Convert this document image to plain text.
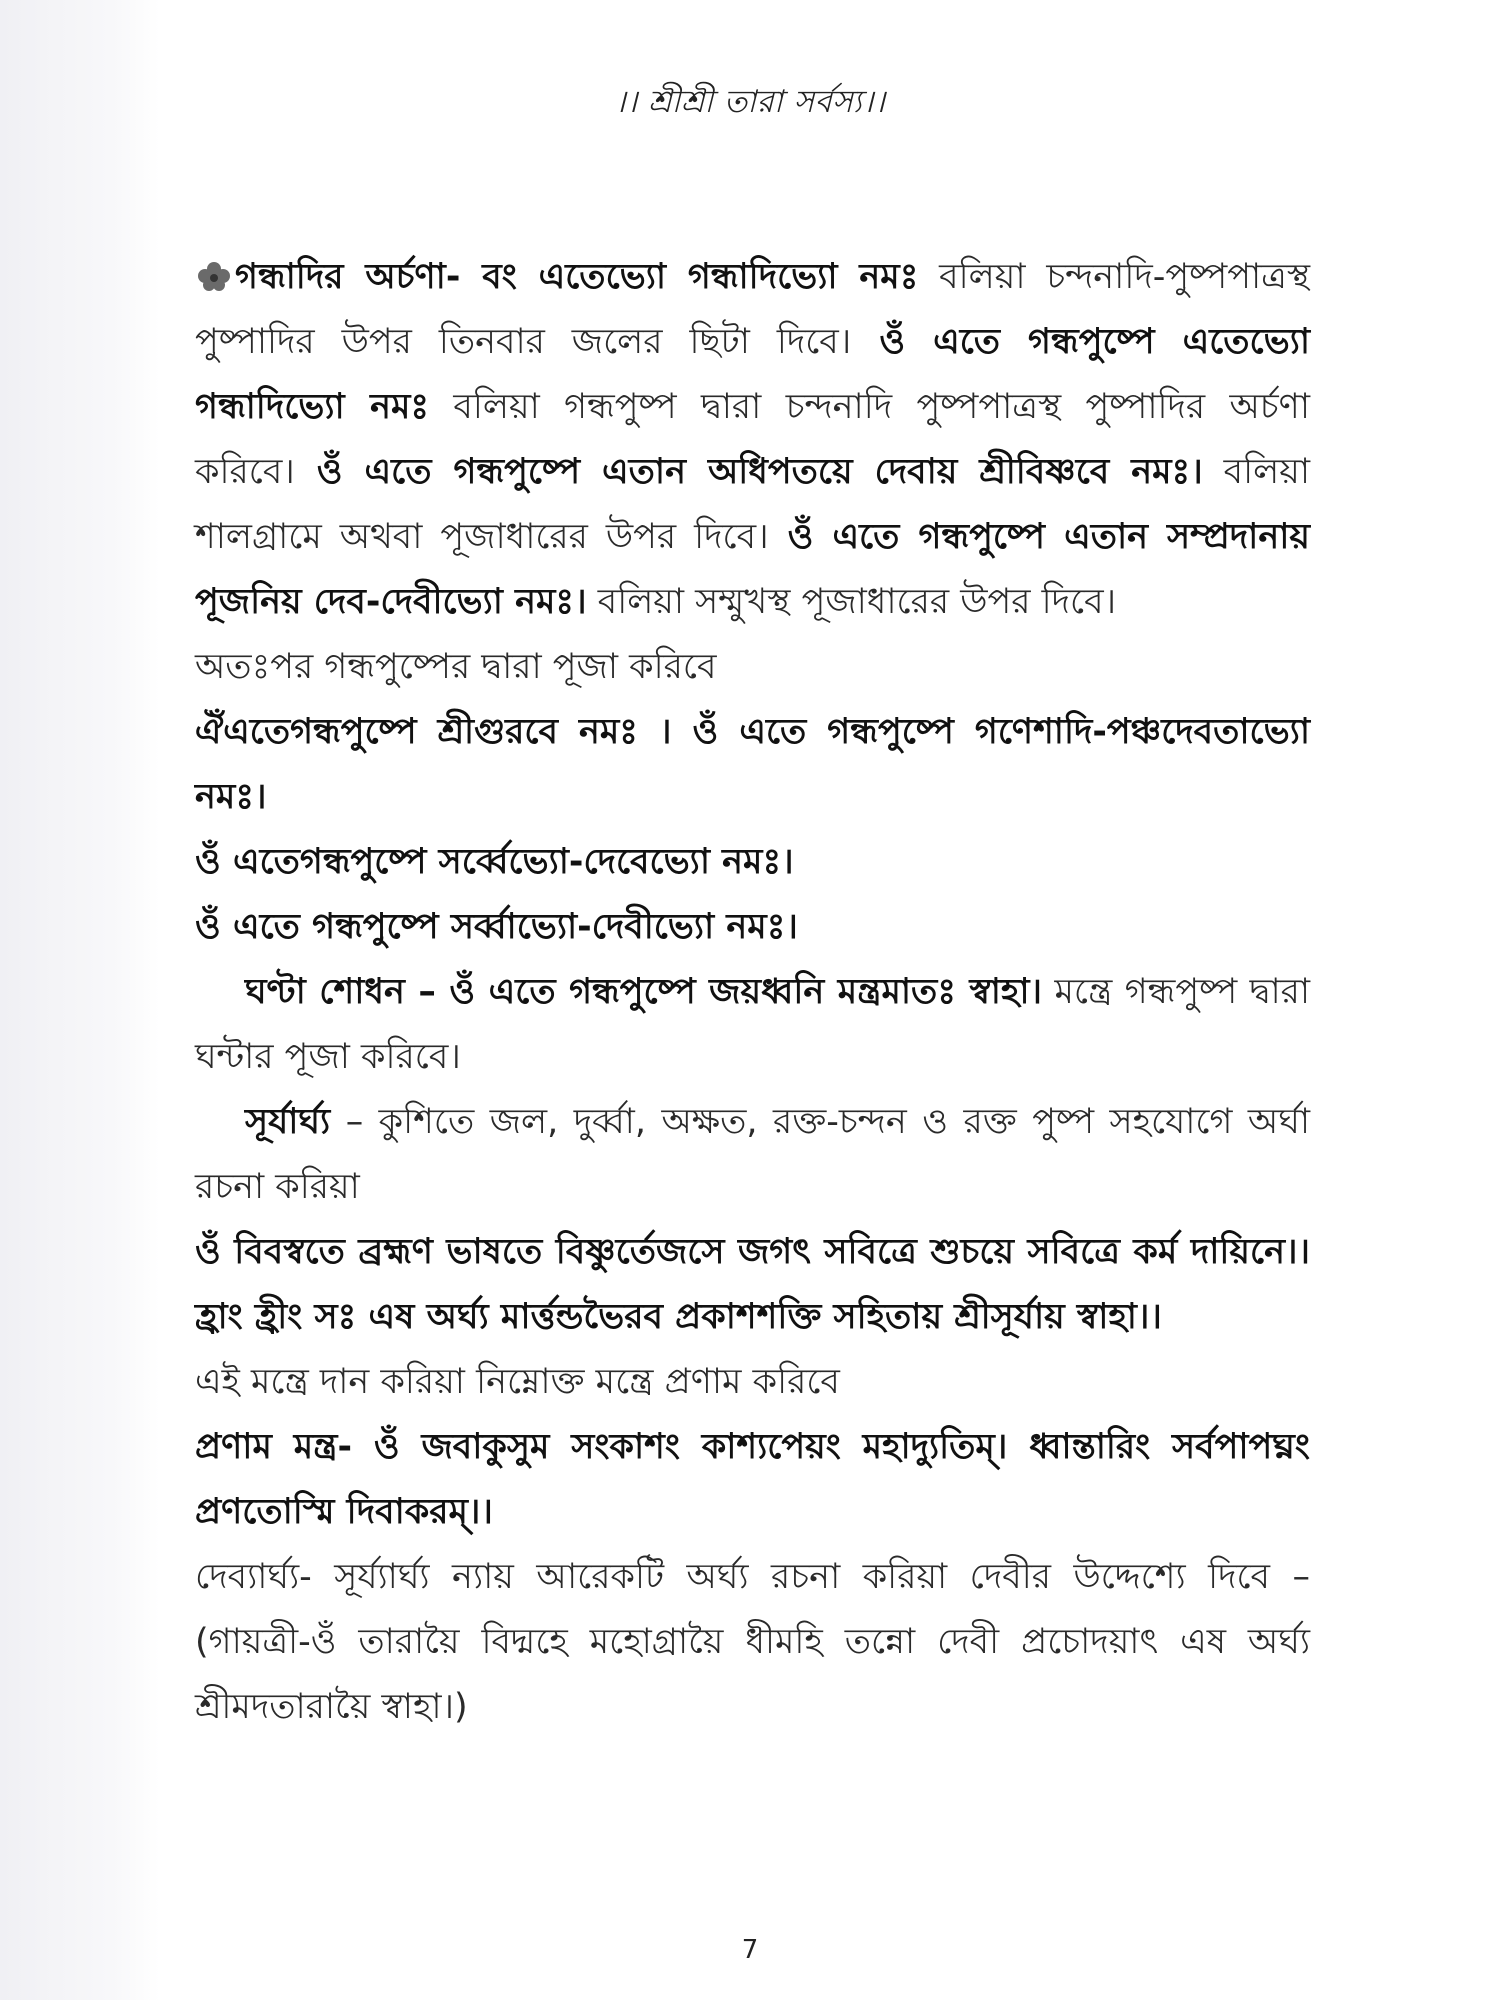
।। শ্রীশ্রী তারা সর্বস্য।।

গন্ধাদির অর্চণা- বং এতেভ্যো গন্ধাদিভ্যো নমঃ বলিয়া চন্দনাদি-পুষ্পপাত্রস্থ পুষ্পাদির উপর তিনবার জলের ছিটা দিবে। ওঁ এতে গন্ধপুষ্পে এতেভ্যো গন্ধাদিভ্যো নমঃ বলিয়া গন্ধপুষ্প দ্বারা চন্দনাদি পুষ্পপাত্রস্থ পুষ্পাদির অর্চণা করিবে। ওঁ এতে গন্ধপুষ্পে এতান অধিপতয়ে দেবায় শ্রীবিষ্ণবে নমঃ। বলিয়া শালগ্রামে অথবা পূজাধারের উপর দিবে। ওঁ এতে গন্ধপুষ্পে এতান সম্প্রদানায় পূজনিয় দেব-দেবীভ্যো নমঃ। বলিয়া সম্মুখস্থ পূজাধারের উপর দিবে।

অতঃপর গন্ধপুষ্পের দ্বারা পূজা করিবে

ঐঁএতেগন্ধপুষ্পে শ্রীগুরবে নমঃ । ওঁ এতে গন্ধপুষ্পে গণেশাদি-পঞ্চদেবতাভ্যো নমঃ।

ওঁ এতেগন্ধপুষ্পে সর্ব্বেভ্যো-দেবেভ্যো নমঃ।

ওঁ এতে গন্ধপুষ্পে সর্ব্বাভ্যো-দেবীভ্যো নমঃ।

ঘণ্টা শোধন – ওঁ এতে গন্ধপুষ্পে জয়ধ্বনি মন্ত্রমাতঃ স্বাহা। মন্ত্রে গন্ধপুষ্প দ্বারা ঘন্টার পূজা করিবে।

সূর্যার্ঘ্য – কুশিতে জল, দুর্ব্বা, অক্ষত, রক্ত-চন্দন ও রক্ত পুষ্প সহযোগে অর্ঘা রচনা করিয়া

ওঁ বিবস্বতে ব্রহ্মণ ভাষতে বিষ্ণুর্তেজসে জগৎ সবিত্রে শুচয়ে সবিত্রে কর্ম দায়িনে।। হ্রাং হ্রীং সঃ এষ অর্ঘ্য মার্ত্তন্ডভৈরব প্রকাশশক্তি সহিতায় শ্রীসূর্যায় স্বাহা।।

এই মন্ত্রে দান করিয়া নিম্নোক্ত মন্ত্রে প্রণাম করিবে

প্রণাম মন্ত্র- ওঁ জবাকুসুম সংকাশং কাশ্যপেয়ং মহাদ্যুতিম্। ধ্বান্তারিং সর্বপাপঘ্নং প্রণতোস্মি দিবাকরম্।।

দেব্যার্ঘ্য- সূর্য্যার্ঘ্য ন্যায় আরেকটি অর্ঘ্য রচনা করিয়া দেবীর উদ্দেশ্যে দিবে – (গায়ত্রী-ওঁ তারায়ৈ বিদ্মহে মহোগ্রায়ৈ ধীমহি তন্নো দেবী প্রচোদয়াৎ এষ অর্ঘ্য শ্রীমদতারায়ৈ স্বাহা।)

7
